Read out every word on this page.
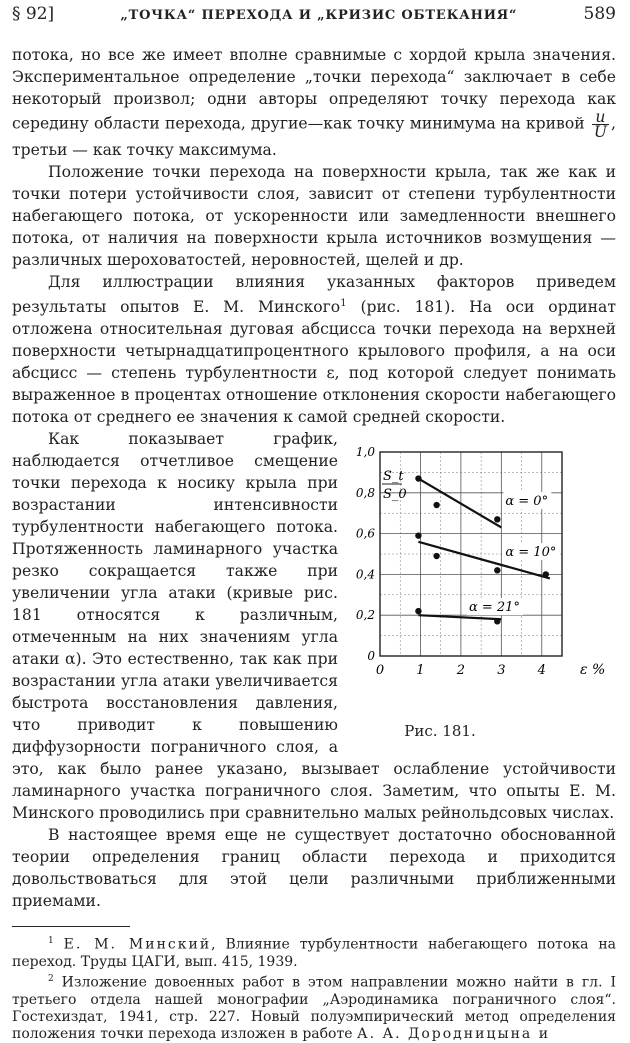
§ 92]	„ТОЧКА“ ПЕРЕХОДА И „КРИЗИС ОБТЕКАНИЯ“	589

потока, но все же имеет вполне сравнимые с хордой крыла значения. Экспериментальное определение „точки перехода“ заключает в себе некоторый произвол; одни авторы определяют точку перехода как середину области перехода, другие—как точку минимума на кривой $\frac{u}{U}$ , третьи — как точку максимума.

Положение точки перехода на поверхности крыла, так же как и точки потери устойчивости слоя, зависит от степени турбулентности набегающего потока, от ускоренности или замедленности внешнего потока, от наличия на поверхности крыла источников возмущения — различных шероховатостей, неровностей, щелей и др.

Для иллюстрации влияния указанных факторов приведем результаты опытов Е. М. Минского$^1$ (рис. 181). На оси ординат отложена относительная дуговая абсцисса точки перехода на верхней поверхности четырнадцатипроцентного крылового профиля, а на оси абсцисс — степень турбулентности ε, под которой следует понимать выраженное в процентах отношение отклонения скорости набегающего потока от среднего ее значения к самой средней скорости.

0 1 2 3 4
0
0,2
0,4
0,6
0,8
1,0
S_t
S_0
ε %
α = 0°
α = 10°
α = 21°
Рис. 181.

Как показывает график, наблюдается отчетливое смещение точки перехода к носику крыла при возрастании интенсивности турбулентности набегающего потока. Протяженность ламинарного участка резко сокращается также при увеличении угла атаки (кривые рис. 181 относятся к различным, отмеченным на них значениям угла атаки α). Это естественно, так как при возрастании угла атаки увеличивается быстрота восстановления давления, что приводит к повышению диффузорности пограничного слоя, а это, как было ранее указано, вызывает ослабление устойчивости ламинарного участка пограничного слоя. Заметим, что опыты Е. М. Минского проводились при сравнительно малых рейнольдсовых числах.

В настоящее время еще не существует достаточно обоснованной теории определения границ области перехода и приходится довольствоваться для этой цели различными приближенными приемами.

$^1$ Е. М. Минский, Влияние турбулентности набегающего потока на переход. Труды ЦАГИ, вып. 415, 1939.

$^2$ Изложение довоенных работ в этом направлении можно найти в гл. I третьего отдела нашей монографии „Аэродинамика пограничного слоя“. Гостехиздат, 1941, стр. 227. Новый полуэмпирический метод определения положения точки перехода изложен в работе А. А. Дородницына и
